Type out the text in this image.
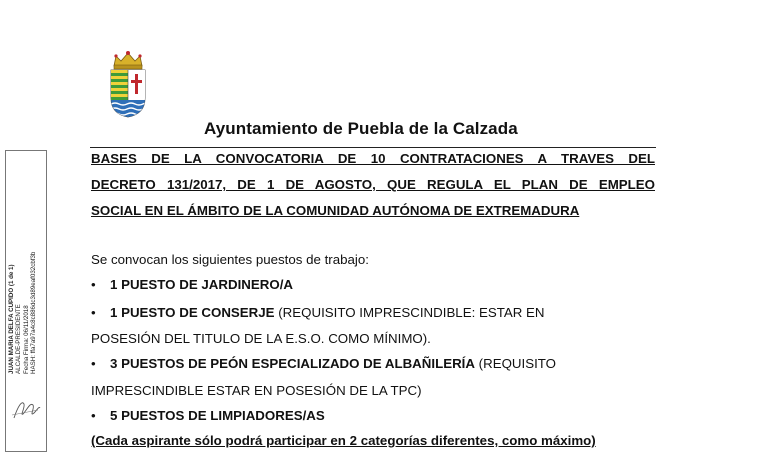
Ayuntamiento de Puebla de la Calzada
BASES DE LA CONVOCATORIA DE 10 CONTRATACIONES A TRAVES DEL
DECRETO 131/2017, DE 1 DE AGOSTO, QUE REGULA EL PLAN DE EMPLEO
SOCIAL EN EL ÁMBITO DE LA COMUNIDAD AUTÓNOMA DE EXTREMADURA
Se convocan los siguientes puestos de trabajo:
• 1 PUESTO DE JARDINERO/A
• 1 PUESTO DE CONSERJE (REQUISITO IMPRESCINDIBLE: ESTAR EN
POSESIÓN DEL TITULO DE LA E.S.O. COMO MÍNIMO).
• 3 PUESTOS DE PEÓN ESPECIALIZADO DE ALBAÑILERÍA (REQUISITO
IMPRESCINDIBLE ESTAR EN POSESIÓN DE LA TPC)
• 5 PUESTOS DE LIMPIADORES/AS
(Cada aspirante sólo podrá participar en 2 categorías diferentes, como máximo)
JUAN MARIA DELFA CUPIDO (1 de 1) ALCALDE-PRESIDENTE Fecha Firma: 06/11/2018 HASH: ffa7a97a4c8c886dc3d89eaf032cbf3b
